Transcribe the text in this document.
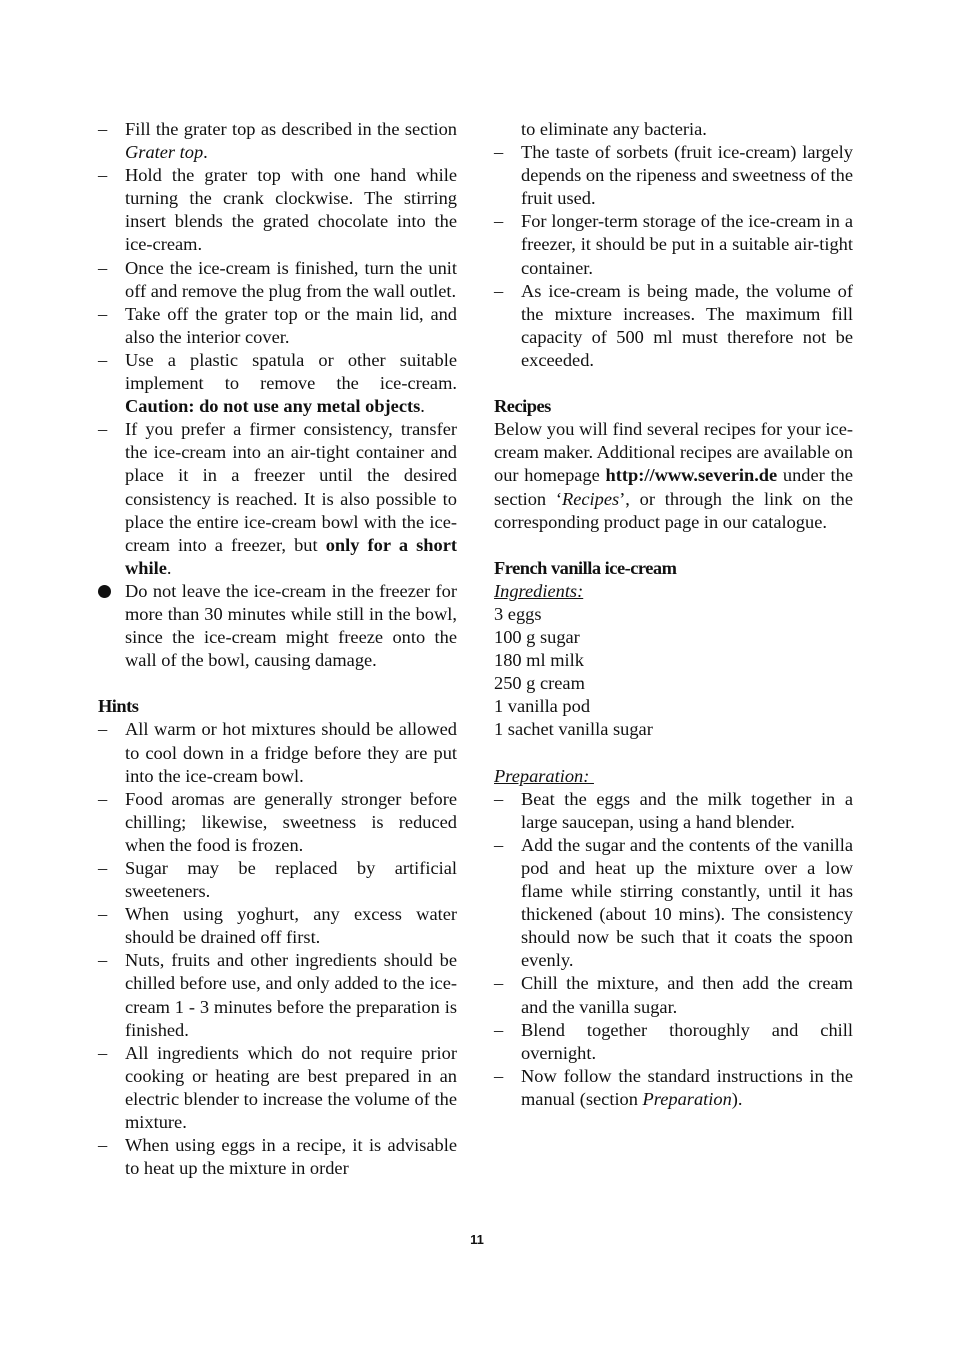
– Fill the grater top as described in the section Grater top.
– Hold the grater top with one hand while turning the crank clockwise. The stirring insert blends the grated chocolate into the ice-cream.
– Once the ice-cream is finished, turn the unit off and remove the plug from the wall outlet.
– Take off the grater top or the main lid, and also the interior cover.
– Use a plastic spatula or other suitable implement to remove the ice-cream. Caution: do not use any metal objects.
– If you prefer a firmer consistency, transfer the ice-cream into an air-tight container and place it in a freezer until the desired consistency is reached. It is also possible to place the entire ice-cream bowl with the ice-cream into a freezer, but only for a short while.
Do not leave the ice-cream in the freezer for more than 30 minutes while still in the bowl, since the ice-cream might freeze onto the wall of the bowl, causing damage.
Hints
– All warm or hot mixtures should be allowed to cool down in a fridge before they are put into the ice-cream bowl.
– Food aromas are generally stronger before chilling; likewise, sweetness is reduced when the food is frozen.
– Sugar may be replaced by artificial sweeteners.
– When using yoghurt, any excess water should be drained off first.
– Nuts, fruits and other ingredients should be chilled before use, and only added to the ice-cream 1 - 3 minutes before the preparation is finished.
– All ingredients which do not require prior cooking or heating are best prepared in an electric blender to increase the volume of the mixture.
– When using eggs in a recipe, it is advisable to heat up the mixture in order
to eliminate any bacteria.
– The taste of sorbets (fruit ice-cream) largely depends on the ripeness and sweetness of the fruit used.
– For longer-term storage of the ice-cream in a freezer, it should be put in a suitable air-tight container.
– As ice-cream is being made, the volume of the mixture increases. The maximum fill capacity of 500 ml must therefore not be exceeded.
Recipes
Below you will find several recipes for your ice-cream maker. Additional recipes are available on our homepage http://www.severin.de under the section ‘Recipes’, or through the link on the corresponding product page in our catalogue.
French vanilla ice-cream
Ingredients:
3 eggs
100 g sugar
180 ml milk
250 g cream
1 vanilla pod
1 sachet vanilla sugar
Preparation:
– Beat the eggs and the milk together in a large saucepan, using a hand blender.
– Add the sugar and the contents of the vanilla pod and heat up the mixture over a low flame while stirring constantly, until it has thickened (about 10 mins). The consistency should now be such that it coats the spoon evenly.
– Chill the mixture, and then add the cream and the vanilla sugar.
– Blend together thoroughly and chill overnight.
– Now follow the standard instructions in the manual (section Preparation).
11
